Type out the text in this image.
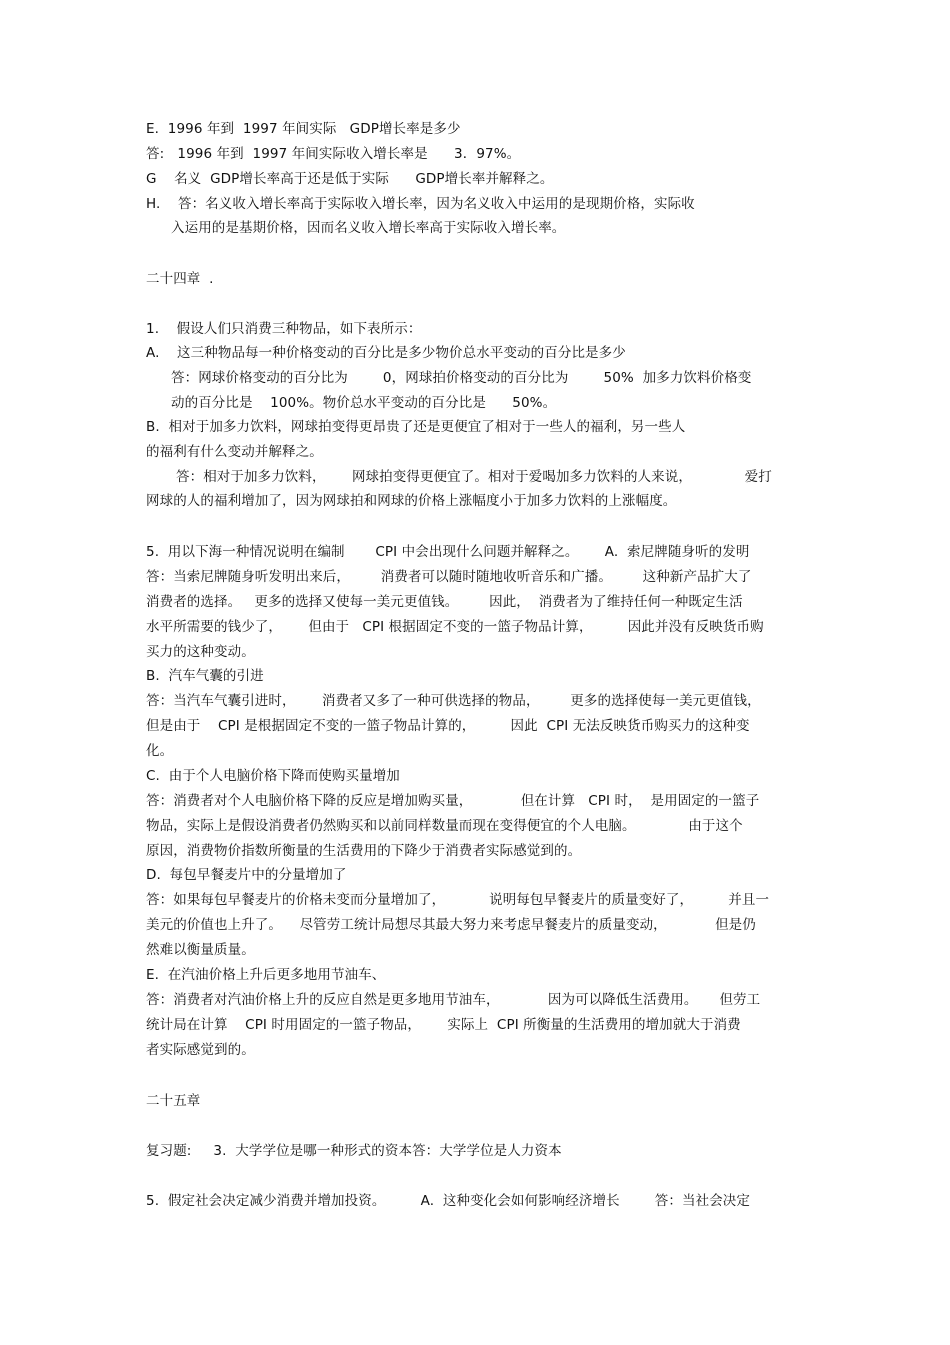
E.  1996 年到  1997 年间实际   GDP增长率是多少
答:   1996 年到  1997 年间实际收入增长率是      3．97%。
G    名义  GDP增长率高于还是低于实际      GDP增长率并解释之。
H.    答：名义收入增长率高于实际收入增长率，因为名义收入中运用的是现期价格，实际收
入运用的是基期价格，因而名义收入增长率高于实际收入增长率。
二十四章  .
1.    假设人们只消费三种物品，如下表所示：
A.    这三种物品每一种价格变动的百分比是多少物价总水平变动的百分比是多少
答：网球价格变动的百分比为        0，网球拍价格变动的百分比为        50%  加多力饮料价格变
动的百分比是    100%。物价总水平变动的百分比是      50%。
B.  相对于加多力饮料，网球拍变得更昂贵了还是更便宜了相对于一些人的福利，另一些人
的福利有什么变动并解释之。
答：相对于加多力饮料，      网球拍变得更便宜了。相对于爱喝加多力饮料的人来说，            爱打
网球的人的福利增加了，因为网球拍和网球的价格上涨幅度小于加多力饮料的上涨幅度。
5.  用以下海一种情况说明在编制       CPI 中会出现什么问题并解释之。      A.  索尼牌随身听的发明
答：当索尼牌随身听发明出来后，       消费者可以随时随地收听音乐和广播。       这种新产品扩大了
消费者的选择。   更多的选择又使每一美元更值钱。       因此，  消费者为了维持任何一种既定生活
水平所需要的钱少了，      但由于   CPI 根据固定不变的一篮子物品计算，        因此并没有反映货币购
买力的这种变动。
B.  汽车气囊的引进
答：当汽车气囊引进时，      消费者又多了一种可供选择的物品，       更多的选择使每一美元更值钱，
但是由于    CPI 是根据固定不变的一篮子物品计算的，        因此  CPI 无法反映货币购买力的这种变
化。
C.  由于个人电脑价格下降而使购买量增加
答：消费者对个人电脑价格下降的反应是增加购买量，           但在计算   CPI 时，  是用固定的一篮子
物品，实际上是假设消费者仍然购买和以前同样数量而现在变得便宜的个人电脑。            由于这个
原因，消费物价指数所衡量的生活费用的下降少于消费者实际感觉到的。
D.  每包早餐麦片中的分量增加了
答：如果每包早餐麦片的价格未变而分量增加了，          说明每包早餐麦片的质量变好了，        并且一
美元的价值也上升了。    尽管劳工统计局想尽其最大努力来考虑早餐麦片的质量变动，           但是仍
然难以衡量质量。
E.  在汽油价格上升后更多地用节油车、
答：消费者对汽油价格上升的反应自然是更多地用节油车，           因为可以降低生活费用。     但劳工
统计局在计算    CPI 时用固定的一篮子物品，      实际上  CPI 所衡量的生活费用的增加就大于消费
者实际感觉到的。
二十五章
复习题:     3.  大学学位是哪一种形式的资本答：大学学位是人力资本
5.  假定社会决定减少消费并增加投资。        A.  这种变化会如何影响经济增长        答：当社会决定
